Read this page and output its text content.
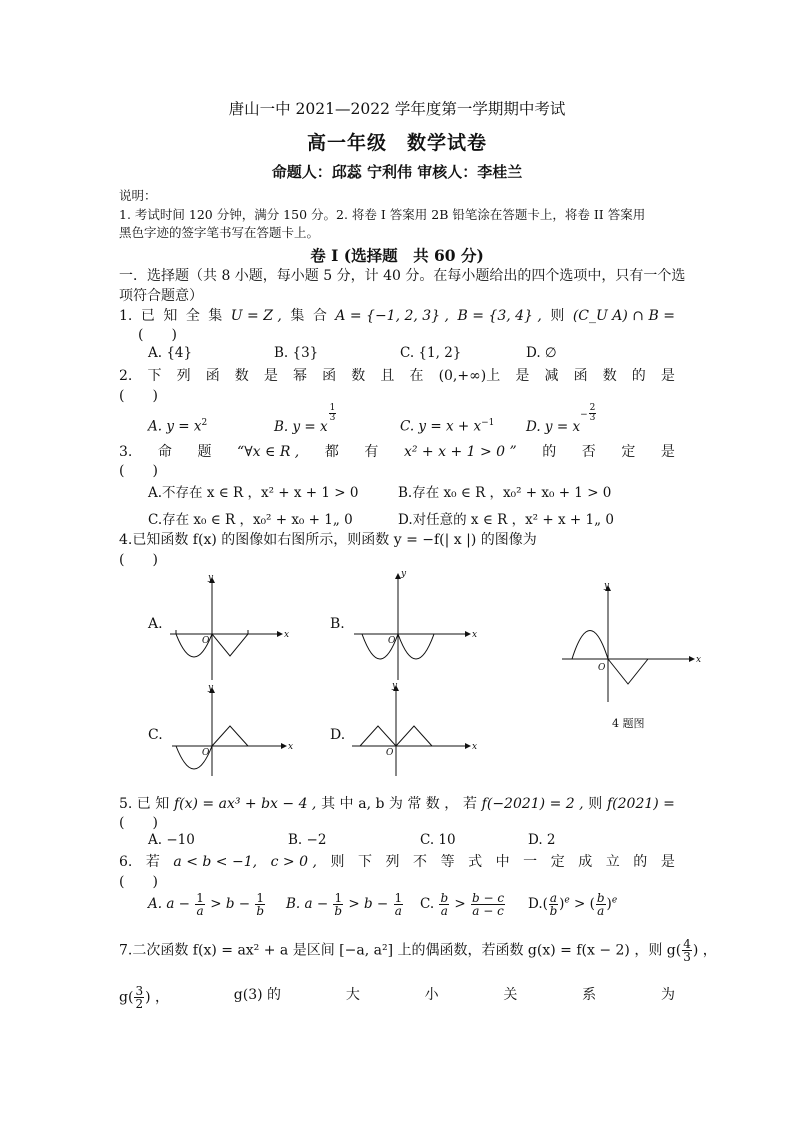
唐山一中 2021—2022 学年度第一学期期中考试
高一年级　数学试卷
命题人：邱蕊 宁利伟 审核人：李桂兰
说明：
1. 考试时间 120 分钟，满分 150 分。2. 将卷 I 答案用 2B 铅笔涂在答题卡上，将卷 II 答案用
黑色字迹的签字笔书写在答题卡上。
卷 I (选择题　共 60 分)
一．选择题（共 8 小题，每小题 5 分，计 40 分。在每小题给出的四个选项中，只有一个选
项符合题意）
1. 已 知 全 集 U = Z , 集 合 A = {−1, 2, 3} , B = {3, 4} , 则 (C_U A) ∩ B =
(　　)
A. {4}	B. {3}	C. {1, 2}	D. ∅
2. 下 列 函 数 是 幂 函 数 且 在 (0,+∞)上 是 减 函 数 的 是
(　　)
A. $y = x^2$	B. y = x
$\frac{1}{3}$
C. $y = x + x^{-1}$ D. $y = x^- \frac{2}{3}$
3. 命 题 “∀x ∈ R , 都 有 x² + x + 1 > 0 ” 的 否 定 是
(　　)
A.不存在 x ∈ R ，x² + x + 1 > 0	B.存在 x₀ ∈ R ，x₀² + x₀ + 1 > 0
C.存在 x₀ ∈ R ，x₀² + x₀ + 1„ 0	D.对任意的 x ∈ R ，x² + x + 1„ 0
4.已知函数 f(x) 的图像如右图所示，则函数 y = −f(| x |) 的图像为
(　　)
A.	B.
C.	D.
x
y
O
x
y
O
x
y
O
x
y
O
x
y
O
4 题图
5. 已 知 f(x) = ax³ + bx − 4 , 其 中 a, b 为 常 数 ， 若 f(−2021) = 2 , 则 f(2021) =
(　　)
A. −10	B. −2	C. 10	D. 2
6. 若 a < b < −1, c > 0 , 则 下 列 不 等 式 中 一 定 成 立 的 是
(　　)
A. $a - \frac{1}{a} > b - \frac{1}{b} B$. $a - \frac{1}{b} > b - \frac{1}{a} C$. $\frac{b}{a} > \frac{b - c}{a - c} D.( \frac{a}{b} )^e$ > ( $\frac{b}{a} )^e$
7.二次函数 f(x) = ax² + a 是区间 [−a, a²] 上的偶函数，若函数 g(x) = f(x − 2) ，则 $g( \frac{4}{3}$ ) ，
$g( \frac{3}{2}$ ) ，	g(3) 的	大	小	关	系	为
